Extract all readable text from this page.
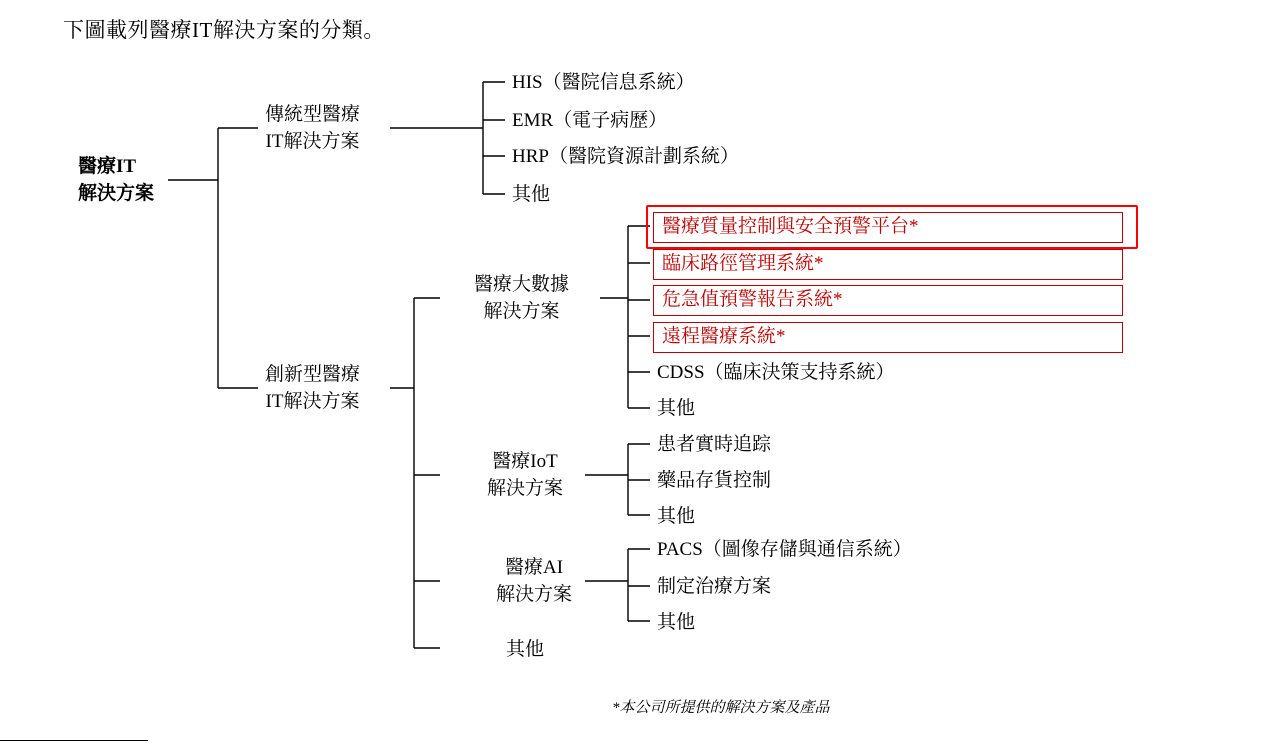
下圖載列醫療IT解決方案的分類。
醫療IT
解決方案
傳統型醫療
IT解決方案
創新型醫療
IT解決方案
HIS（醫院信息系統）
EMR（電子病歷）
HRP（醫院資源計劃系統）
其他
醫療大數據
解決方案
醫療質量控制與安全預警平台*
臨床路徑管理系統*
危急值預警報告系統*
遠程醫療系統*
CDSS（臨床決策支持系統）
其他
醫療IoT
解決方案
患者實時追踪
藥品存貨控制
其他
醫療AI
解決方案
PACS（圖像存儲與通信系統）
制定治療方案
其他
其他
*本公司所提供的解決方案及產品
